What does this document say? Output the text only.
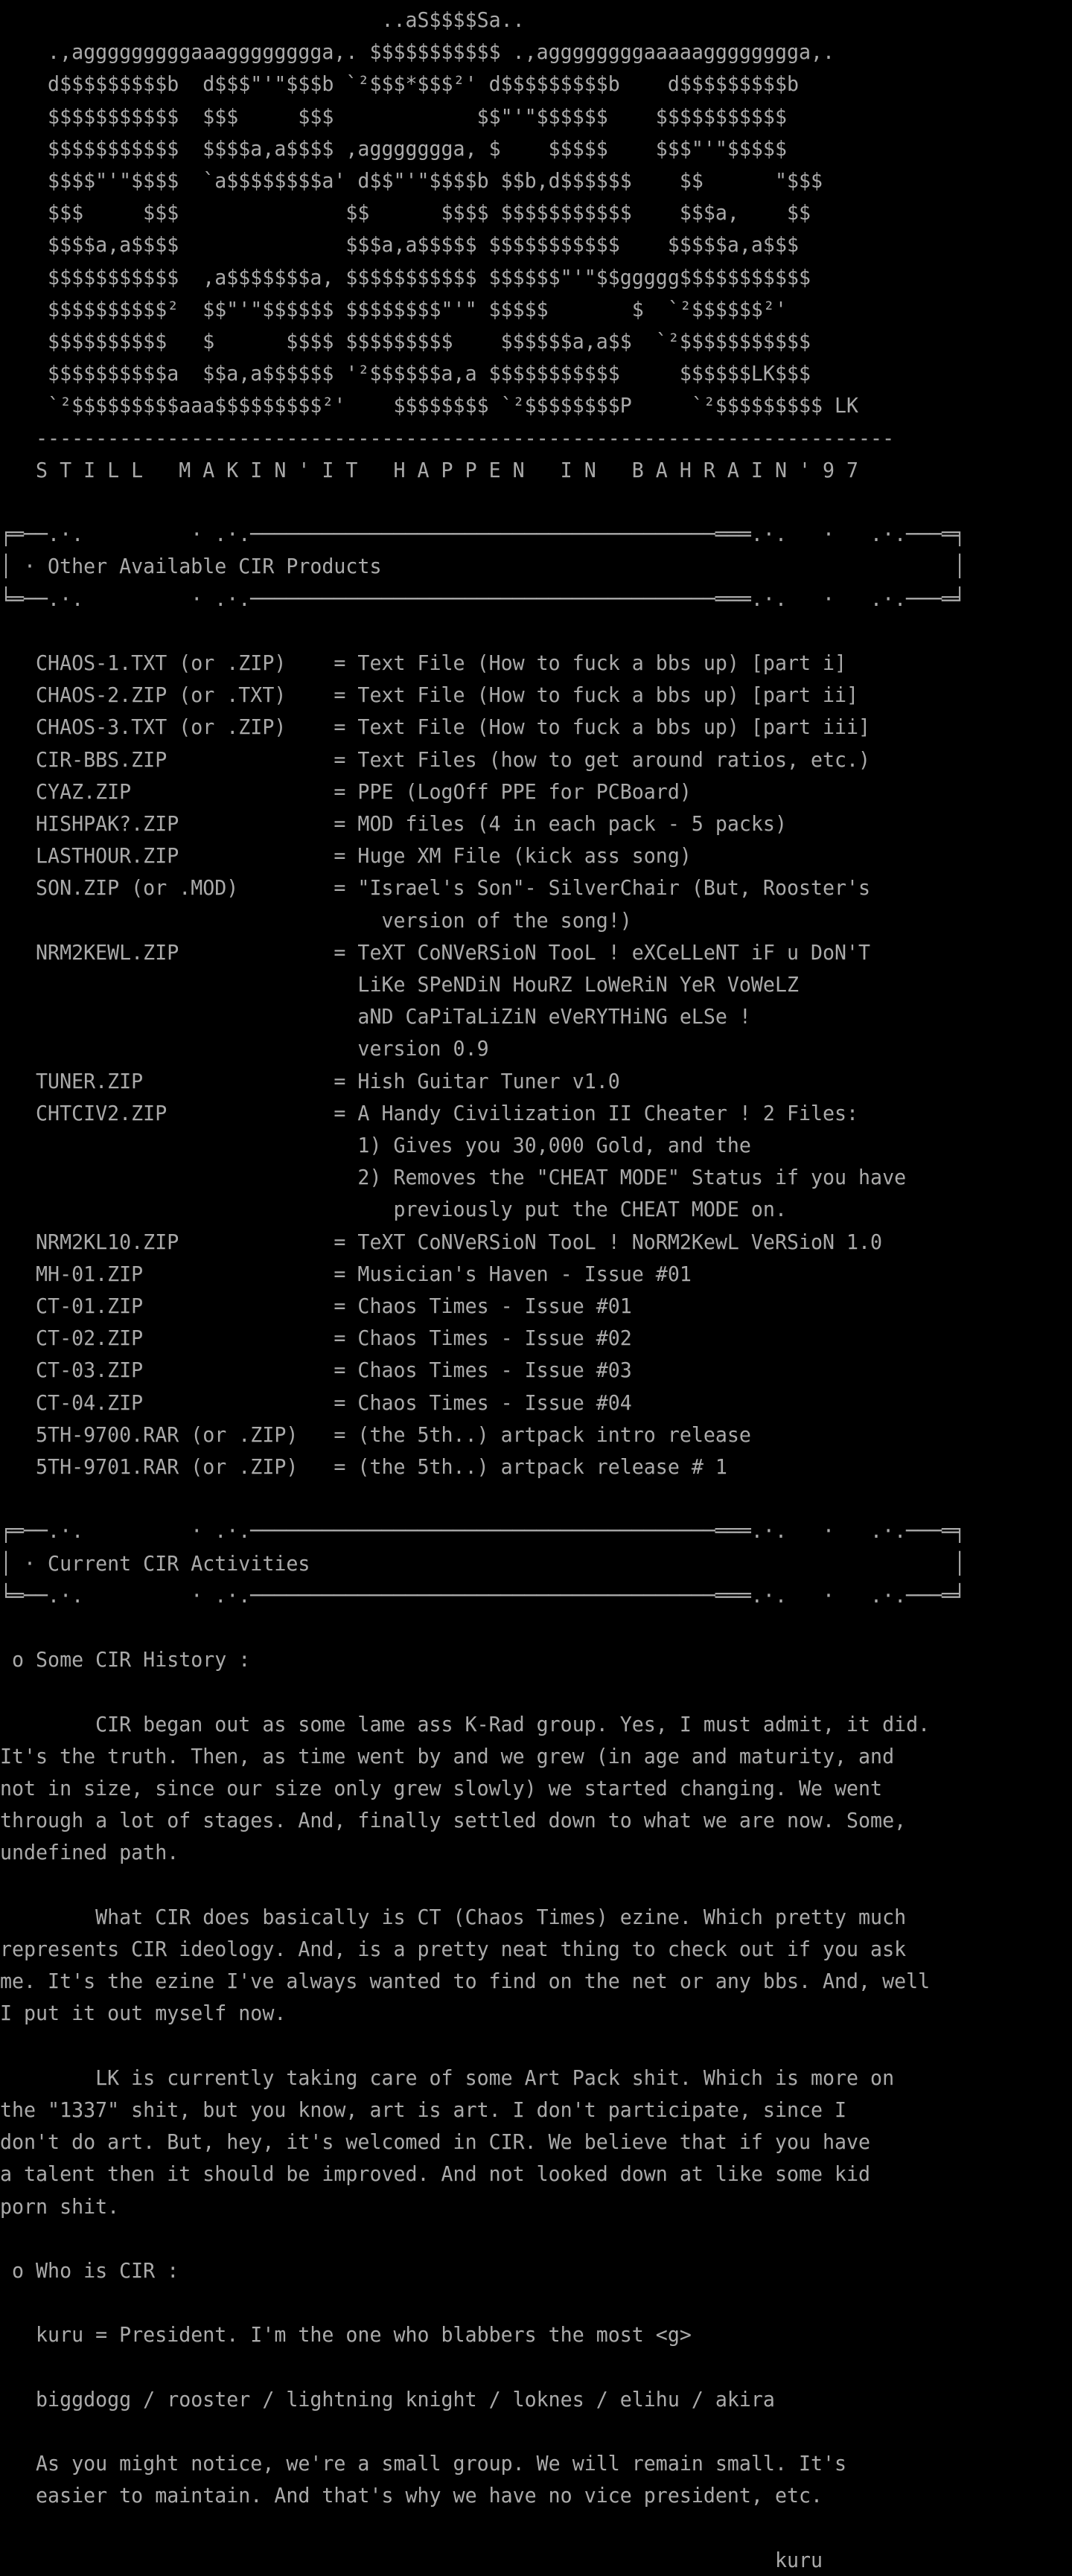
..aS$$$$Sa..
.,agggggggggaaagggggggga,. $$$$$$$$$$$ .,aggggggggaaaaagggggggga,.
d$$$$$$$$$b  d$$$"'"$$$b `²$$$*$$$²' d$$$$$$$$$b    d$$$$$$$$$b
$$$$$$$$$$$  $$$     $$$            $$"'"$$$$$$    $$$$$$$$$$$
$$$$$$$$$$$  $$$$a,a$$$$ ,aggggggga, $    $$$$$    $$$"'"$$$$$
$$$$"'"$$$$  `a$$$$$$$$a' d$$"'"$$$$b $$b,d$$$$$$    $$      "$$$
$$$     $$$              $$      $$$$ $$$$$$$$$$$    $$$a,    $$
$$$$a,a$$$$              $$$a,a$$$$$ $$$$$$$$$$$    $$$$$a,a$$$
$$$$$$$$$$$  ,a$$$$$$$a, $$$$$$$$$$$ $$$$$$"'"$$ggggg$$$$$$$$$$$
$$$$$$$$$$²  $$"'"$$$$$$ $$$$$$$$"'" $$$$$       $  `²$$$$$$²'
$$$$$$$$$$   $      $$$$ $$$$$$$$$    $$$$$$a,a$$  `²$$$$$$$$$$$
$$$$$$$$$$a  $$a,a$$$$$$ '²$$$$$$a,a $$$$$$$$$$$     $$$$$$LK$$$
`²$$$$$$$$$aaa$$$$$$$$$²'    $$$$$$$$ `²$$$$$$$$P     `²$$$$$$$$$ LK
------------------------------------------------------------------------
S T I L L   M A K I N ' I T   H A P P E N   I N   B A H R A I N ' 9 7
╒═──.·.         · .·.───────────────────────────────────────═══.·.   ·   .·.───═╕
│ · Other Available CIR Products                                                │
╘═──.·.         · .·.───────────────────────────────────────═══.·.   ·   .·.───═╛
CHAOS-1.TXT (or .ZIP)    = Text File (How to fuck a bbs up) [part i]
CHAOS-2.ZIP (or .TXT)    = Text File (How to fuck a bbs up) [part ii]
CHAOS-3.TXT (or .ZIP)    = Text File (How to fuck a bbs up) [part iii]
CIR-BBS.ZIP              = Text Files (how to get around ratios, etc.)
CYAZ.ZIP                 = PPE (LogOff PPE for PCBoard)
HISHPAK?.ZIP             = MOD files (4 in each pack - 5 packs)
LASTHOUR.ZIP             = Huge XM File (kick ass song)
SON.ZIP (or .MOD)        = "Israel's Son"- SilverChair (But, Rooster's
version of the song!)
NRM2KEWL.ZIP             = TeXT CoNVeRSioN TooL ! eXCeLLeNT iF u DoN'T
LiKe SPeNDiN HouRZ LoWeRiN YeR VoWeLZ
aND CaPiTaLiZiN eVeRYTHiNG eLSe !
version 0.9
TUNER.ZIP                = Hish Guitar Tuner v1.0
CHTCIV2.ZIP              = A Handy Civilization II Cheater ! 2 Files:
1) Gives you 30,000 Gold, and the
2) Removes the "CHEAT MODE" Status if you have
previously put the CHEAT MODE on.
NRM2KL10.ZIP             = TeXT CoNVeRSioN TooL ! NoRM2KewL VeRSioN 1.0
MH-01.ZIP                = Musician's Haven - Issue #01
CT-01.ZIP                = Chaos Times - Issue #01
CT-02.ZIP                = Chaos Times - Issue #02
CT-03.ZIP                = Chaos Times - Issue #03
CT-04.ZIP                = Chaos Times - Issue #04
5TH-9700.RAR (or .ZIP)   = (the 5th..) artpack intro release
5TH-9701.RAR (or .ZIP)   = (the 5th..) artpack release # 1
╒═──.·.         · .·.───────────────────────────────────────═══.·.   ·   .·.───═╕
│ · Current CIR Activities                                                      │
╘═──.·.         · .·.───────────────────────────────────────═══.·.   ·   .·.───═╛
o Some CIR History :
CIR began out as some lame ass K-Rad group. Yes, I must admit, it did.
It's the truth. Then, as time went by and we grew (in age and maturity, and
not in size, since our size only grew slowly) we started changing. We went
through a lot of stages. And, finally settled down to what we are now. Some,
undefined path.
What CIR does basically is CT (Chaos Times) ezine. Which pretty much
represents CIR ideology. And, is a pretty neat thing to check out if you ask
me. It's the ezine I've always wanted to find on the net or any bbs. And, well
I put it out myself now.
LK is currently taking care of some Art Pack shit. Which is more on
the "1337" shit, but you know, art is art. I don't participate, since I
don't do art. But, hey, it's welcomed in CIR. We believe that if you have
a talent then it should be improved. And not looked down at like some kid
porn shit.
o Who is CIR :
kuru = President. I'm the one who blabbers the most <g>
biggdogg / rooster / lightning knight / loknes / elihu / akira
As you might notice, we're a small group. We will remain small. It's
easier to maintain. And that's why we have no vice president, etc.
kuru
